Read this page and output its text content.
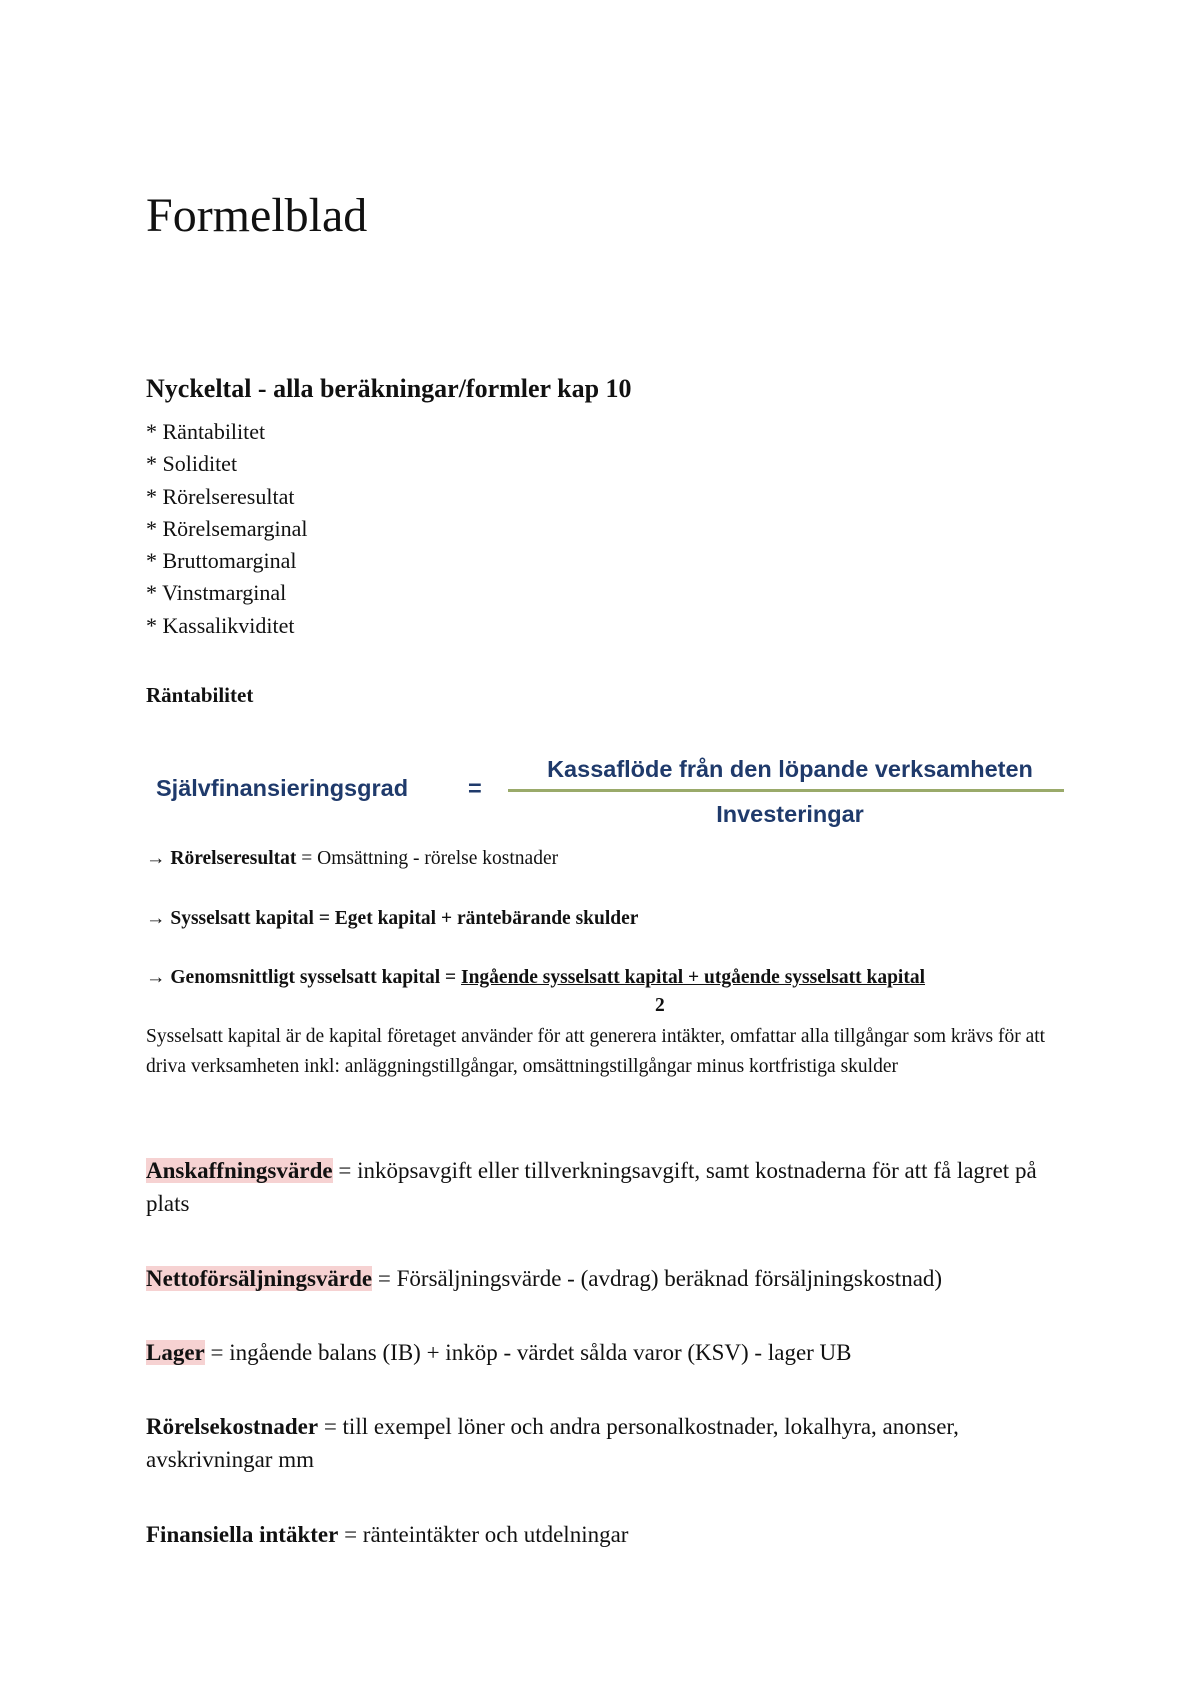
Formelblad
Nyckeltal - alla beräkningar/formler kap 10
* Räntabilitet
* Soliditet
* Rörelseresultat
* Rörelsemarginal
* Bruttomarginal
* Vinstmarginal
* Kassalikviditet
Räntabilitet
Självfinansieringsgrad	=
Kassaflöde från den löpande verksamheten
Investeringar
→ Rörelseresultat = Omsättning - rörelse kostnader
→ Sysselsatt kapital = Eget kapital + räntebärande skulder
→ Genomsnittligt sysselsatt kapital = Ingående sysselsatt kapital + utgående sysselsatt kapital
2
Sysselsatt kapital är de kapital företaget använder för att generera intäkter, omfattar alla tillgångar som krävs för att driva verksamheten inkl: anläggningstillgångar, omsättningstillgångar minus kortfristiga skulder
Anskaffningsvärde = inköpsavgift eller tillverkningsavgift, samt kostnaderna för att få lagret på plats
Nettoförsäljningsvärde = Försäljningsvärde - (avdrag) beräknad försäljningskostnad)
Lager = ingående balans (IB) + inköp - värdet sålda varor (KSV) - lager UB
Rörelsekostnader = till exempel löner och andra personalkostnader, lokalhyra, anonser, avskrivningar mm
Finansiella intäkter = ränteintäkter och utdelningar
